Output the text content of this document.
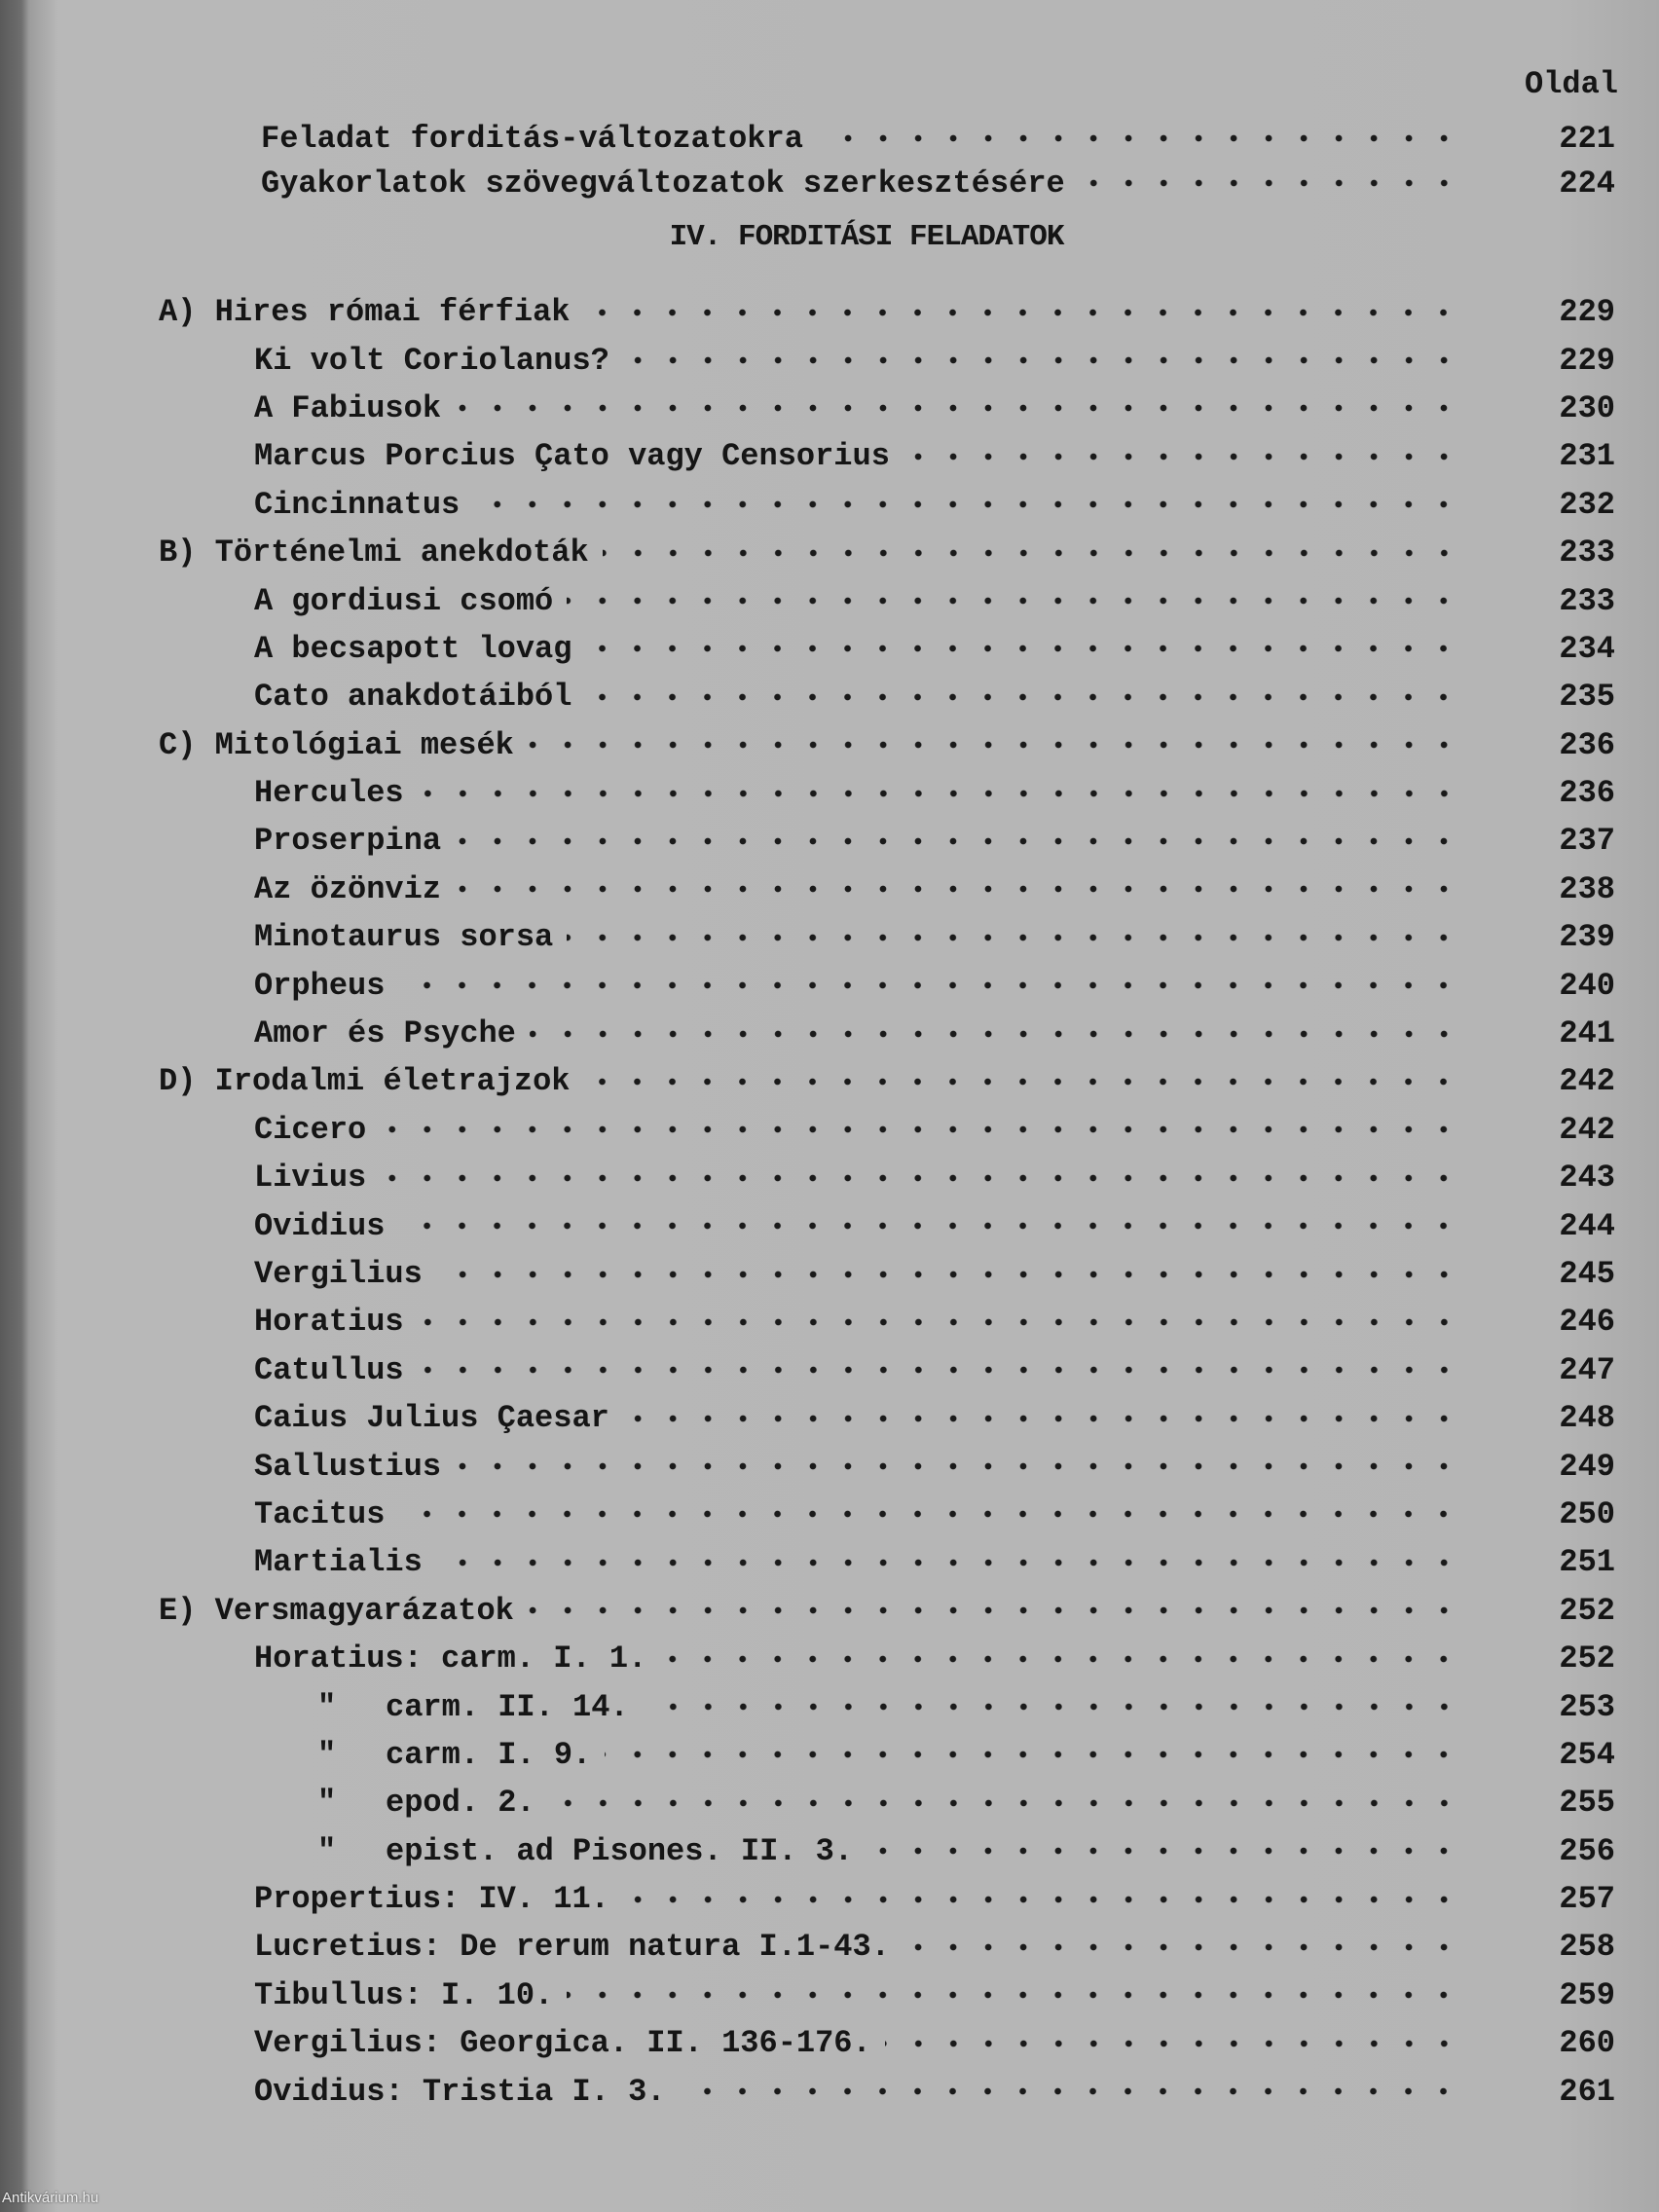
Oldal
Feladat forditás-változatokra	221
Gyakorlatok szövegváltozatok szerkesztésére	224
IV. FORDITÁSI FELADATOK
A) Hires római férfiak	229
Ki volt Coriolanus?	229
A Fabiusok	230
Marcus Porcius Çato vagy Censorius	231
Cincinnatus	232
B) Történelmi anekdoták	233
A gordiusi csomó	233
A becsapott lovag	234
Cato anakdotáiból	235
C) Mitológiai mesék	236
Hercules	236
Proserpina	237
Az özönviz	238
Minotaurus sorsa	239
Orpheus	240
Amor és Psyche	241
D) Irodalmi életrajzok	242
Cicero	242
Livius	243
Ovidius	244
Vergilius	245
Horatius	246
Catullus	247
Caius Julius Çaesar	248
Sallustius	249
Tacitus	250
Martialis	251
E) Versmagyarázatok	252
Horatius: carm. I. 1.	252
"	carm. II. 14.	253
"	carm. I. 9.	254
"	epod. 2.	255
"	epist. ad Pisones. II. 3.	256
Propertius: IV. 11.	257
Lucretius: De rerum natura I.1-43.	258
Tibullus: I. 10.	259
Vergilius: Georgica. II. 136-176.	260
Ovidius: Tristia I. 3.	261
Antikvárium.hu
